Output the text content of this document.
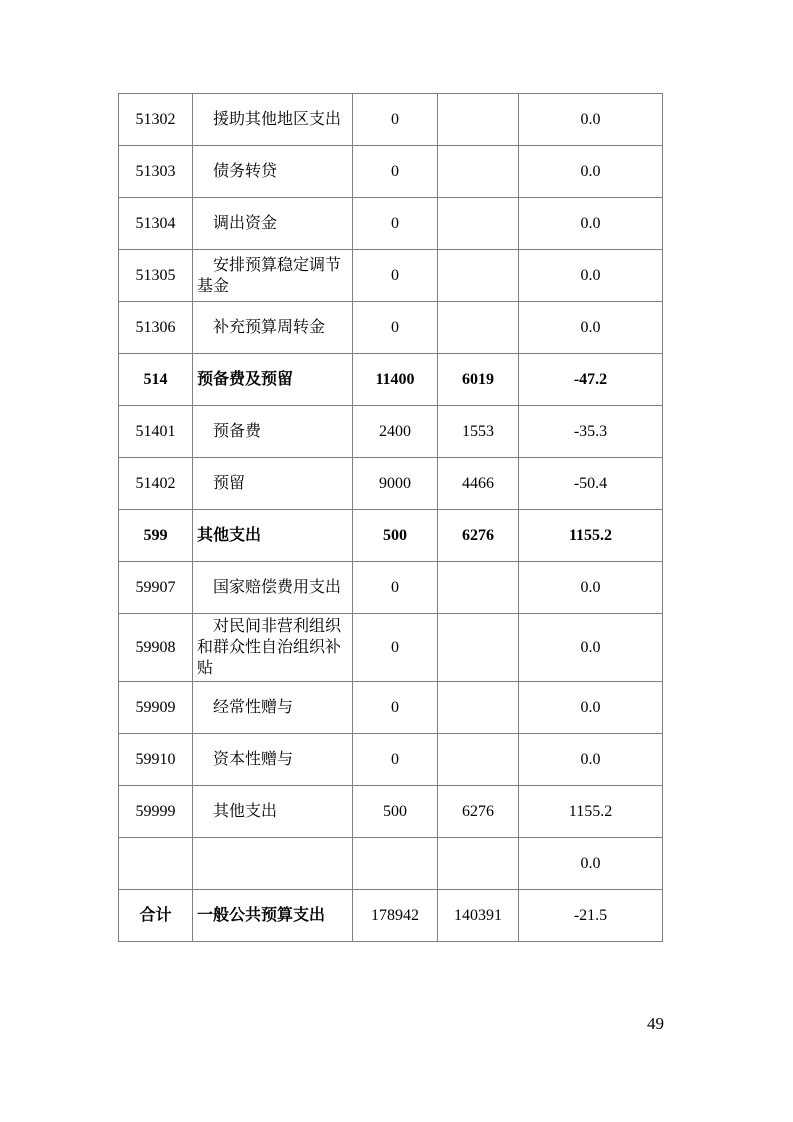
51302	援助其他地区支出	0		0.0
51303	债务转贷	0		0.0
51304	调出资金	0		0.0
51305	安排预算稳定调节基金	0		0.0
51306	补充预算周转金	0		0.0
514	预备费及预留	11400	6019	-47.2
51401	预备费	2400	1553	-35.3
51402	预留	9000	4466	-50.4
599	其他支出	500	6276	1155.2
59907	国家赔偿费用支出	0		0.0
59908	对民间非营利组织和群众性自治组织补贴	0		0.0
59909	经常性赠与	0		0.0
59910	资本性赠与	0		0.0
59999	其他支出	500	6276	1155.2
				0.0
合计	一般公共预算支出	178942	140391	-21.5
49
